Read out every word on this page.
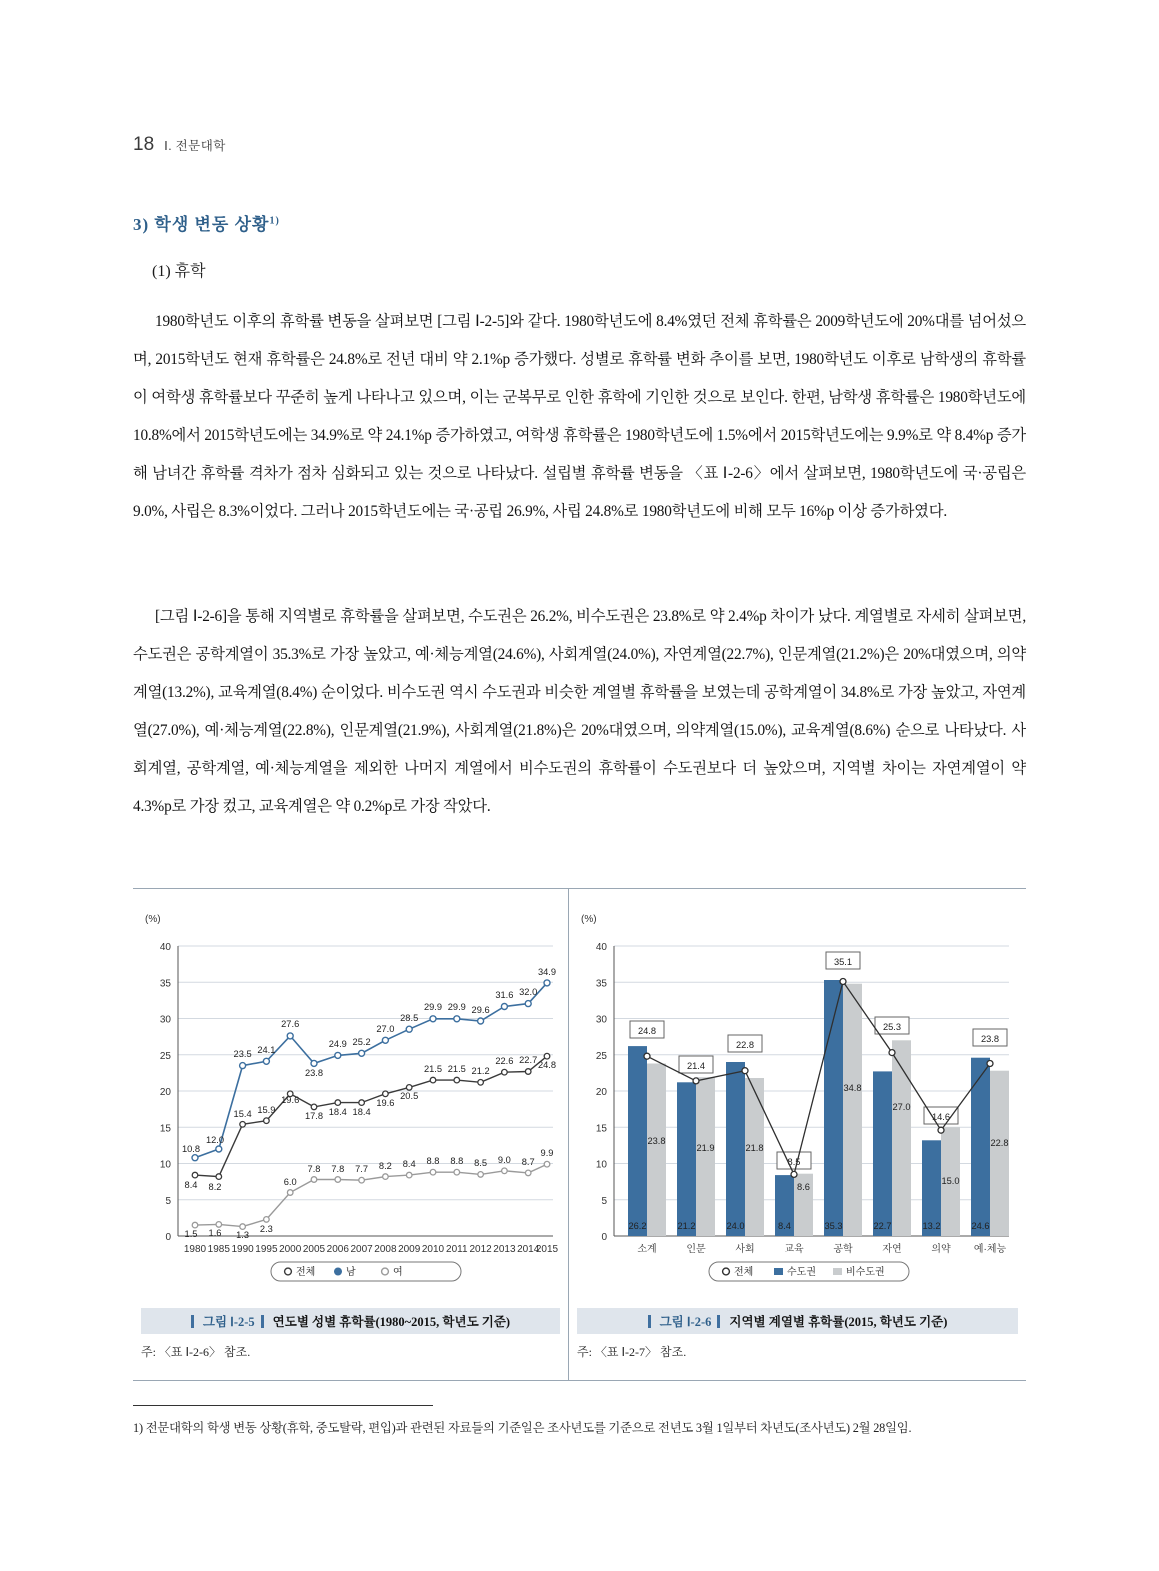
18 Ⅰ. 전문대학
3) 학생 변동 상황$^{1)}$
(1) 휴학
1980학년도 이후의 휴학률 변동을 살펴보면 [그림 Ⅰ-2-5]와 같다. 1980학년도에 8.4%였던 전체 휴학률은 2009학년도에 20%대를 넘어섰으며, 2015학년도 현재 휴학률은 24.8%로 전년 대비 약 2.1%p 증가했다. 성별로 휴학률 변화 추이를 보면, 1980학년도 이후로 남학생의 휴학률이 여학생 휴학률보다 꾸준히 높게 나타나고 있으며, 이는 군복무로 인한 휴학에 기인한 것으로 보인다. 한편, 남학생 휴학률은 1980학년도에 10.8%에서 2015학년도에는 34.9%로 약 24.1%p 증가하였고, 여학생 휴학률은 1980학년도에 1.5%에서 2015학년도에는 9.9%로 약 8.4%p 증가해 남녀간 휴학률 격차가 점차 심화되고 있는 것으로 나타났다. 설립별 휴학률 변동을 〈표 Ⅰ-2-6〉에서 살펴보면, 1980학년도에 국·공립은 9.0%, 사립은 8.3%이었다. 그러나 2015학년도에는 국·공립 26.9%, 사립 24.8%로 1980학년도에 비해 모두 16%p 이상 증가하였다.
[그림 Ⅰ-2-6]을 통해 지역별로 휴학률을 살펴보면, 수도권은 26.2%, 비수도권은 23.8%로 약 2.4%p 차이가 났다. 계열별로 자세히 살펴보면, 수도권은 공학계열이 35.3%로 가장 높았고, 예·체능계열(24.6%), 사회계열(24.0%), 자연계열(22.7%), 인문계열(21.2%)은 20%대였으며, 의약계열(13.2%), 교육계열(8.4%) 순이었다. 비수도권 역시 수도권과 비슷한 계열별 휴학률을 보였는데 공학계열이 34.8%로 가장 높았고, 자연계열(27.0%), 예·체능계열(22.8%), 인문계열(21.9%), 사회계열(21.8%)은 20%대였으며, 의약계열(15.0%), 교육계열(8.6%) 순으로 나타났다. 사회계열, 공학계열, 예·체능계열을 제외한 나머지 계열에서 비수도권의 휴학률이 수도권보다 더 높았으며, 지역별 차이는 자연계열이 약 4.3%p로 가장 컸고, 교육계열은 약 0.2%p로 가장 작았다.
(%)
0
5
10
15
20
25
30
35
40
1980 1985 1990 1995 2000 2005 2006 2007 2008 2009 2010 2011 2012 2013 2014
2015
10.8
12.0
23.5 24.1
27.6
23.8
24.9 25.2
27.0
28.5
29.9 29.9 29.6
31.6 32.0
34.9
8.4 8.2
15.4 15.9
19.6
17.8 18.4 18.4
19.6
20.5
21.5 21.5 21.2
22.6 22.7 24.8
1.5 1.6 1.3
2.3
6.0
7.8 7.8 7.7 8.2 8.4 8.8 8.8 8.5 9.0 8.7
9.9
전체	남	여
그림 Ⅰ-2-5 연도별 성별 휴학률(1980~2015, 학년도 기준)
주: 〈표 Ⅰ-2-6〉 참조.
(%)
0
5
10
15
20
25
30
35
40
24.8
21.4
22.8
8.5
35.1
25.3
14.6
23.8
26.2	21.2	24.0	8.4	35.3	22.7	13.2	24.6
23.8
21.9	21.8
8.6
34.8
27.0
15.0
22.8
소계	인문	사회	교육	공학	자연	의약 예·체능
전체	수도권	비수도권
그림 Ⅰ-2-6 지역별 계열별 휴학률(2015, 학년도 기준)
주: 〈표 Ⅰ-2-7〉 참조.
1) 전문대학의 학생 변동 상황(휴학, 중도탈락, 편입)과 관련된 자료들의 기준일은 조사년도를 기준으로 전년도 3월 1일부터 차년도(조사년도) 2월 28일임.
